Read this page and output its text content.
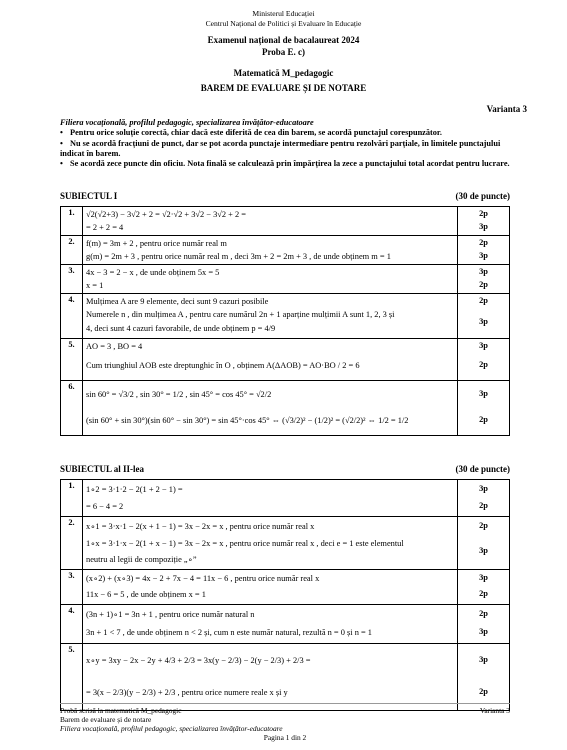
Ministerul Educației
Centrul Național de Politici și Evaluare în Educație
Examenul național de bacalaureat 2024
Proba E. c)
Matematică M_pedagogic
BAREM DE EVALUARE ȘI DE NOTARE
Varianta 3
Filiera vocațională, profilul pedagogic, specializarea învățător-educatoare
• Pentru orice soluție corectă, chiar dacă este diferită de cea din barem, se acordă punctajul corespunzător.
• Nu se acordă fracțiuni de punct, dar se pot acorda punctaje intermediare pentru rezolvări parțiale, în limitele punctajului indicat în barem.
• Se acordă zece puncte din oficiu. Nota finală se calculează prin împărțirea la zece a punctajului total acordat pentru lucrare.
SUBIECTUL I	(30 de puncte)
1.	√2(√2+3) − 3√2 + 2 = √2·√2 + 3√2 − 3√2 + 2 =
= 2 + 2 = 4	2p
3p

2.	f(m) = 3m + 2 , pentru orice număr real m
g(m) = 2m + 3 , pentru orice număr real m , deci 3m + 2 = 2m + 3 , de unde obținem m = 1	2p
3p

3.	4x − 3 = 2 − x , de unde obținem 5x = 5
x = 1	3p
2p

4.	Mulțimea A are 9 elemente, deci sunt 9 cazuri posibile
Numerele n , din mulțimea A , pentru care numărul 2n + 1 aparține mulțimii A sunt 1, 2, 3 și
4, deci sunt 4 cazuri favorabile, de unde obținem p = 4/9	2p
3p

5.	AO = 3 , BO = 4
Cum triunghiul AOB este dreptunghic în O , obținem A(ΔAOB) = AO·BO / 2 = 6	3p
2p

6.	sin 60° = √3/2 , sin 30° = 1/2 , sin 45° = cos 45° = √2/2
(sin 60° + sin 30°)(sin 60° − sin 30°) = sin 45°·cos 45° ⇔ (√3/2)² − (1/2)² = (√2/2)² ⇔ 1/2 = 1/2	3p
2p
SUBIECTUL al II-lea	(30 de puncte)
1.	1∘2 = 3·1·2 − 2(1 + 2 − 1) =
= 6 − 4 = 2	3p
2p

2.	x∘1 = 3·x·1 − 2(x + 1 − 1) = 3x − 2x = x , pentru orice număr real x
1∘x = 3·1·x − 2(1 + x − 1) = 3x − 2x = x , pentru orice număr real x , deci e = 1 este elementul
neutru al legii de compoziție „∘”	2p
3p

3.	(x∘2) + (x∘3) = 4x − 2 + 7x − 4 = 11x − 6 , pentru orice număr real x
11x − 6 = 5 , de unde obținem x = 1	3p
2p

4.	(3n + 1)∘1 = 3n + 1 , pentru orice număr natural n
3n + 1 < 7 , de unde obținem n < 2 și, cum n este număr natural, rezultă n = 0 și n = 1	2p
3p

5.	x∘y = 3xy − 2x − 2y + 4/3 + 2/3 = 3x(y − 2/3) − 2(y − 2/3) + 2/3 =
= 3(x − 2/3)(y − 2/3) + 2/3 , pentru orice numere reale x și y	3p
2p
Probă scrisă la matematică M_pedagogic	Varianta 3
Barem de evaluare și de notare
Filiera vocațională, profilul pedagogic, specializarea învățător-educatoare
Pagina 1 din 2
